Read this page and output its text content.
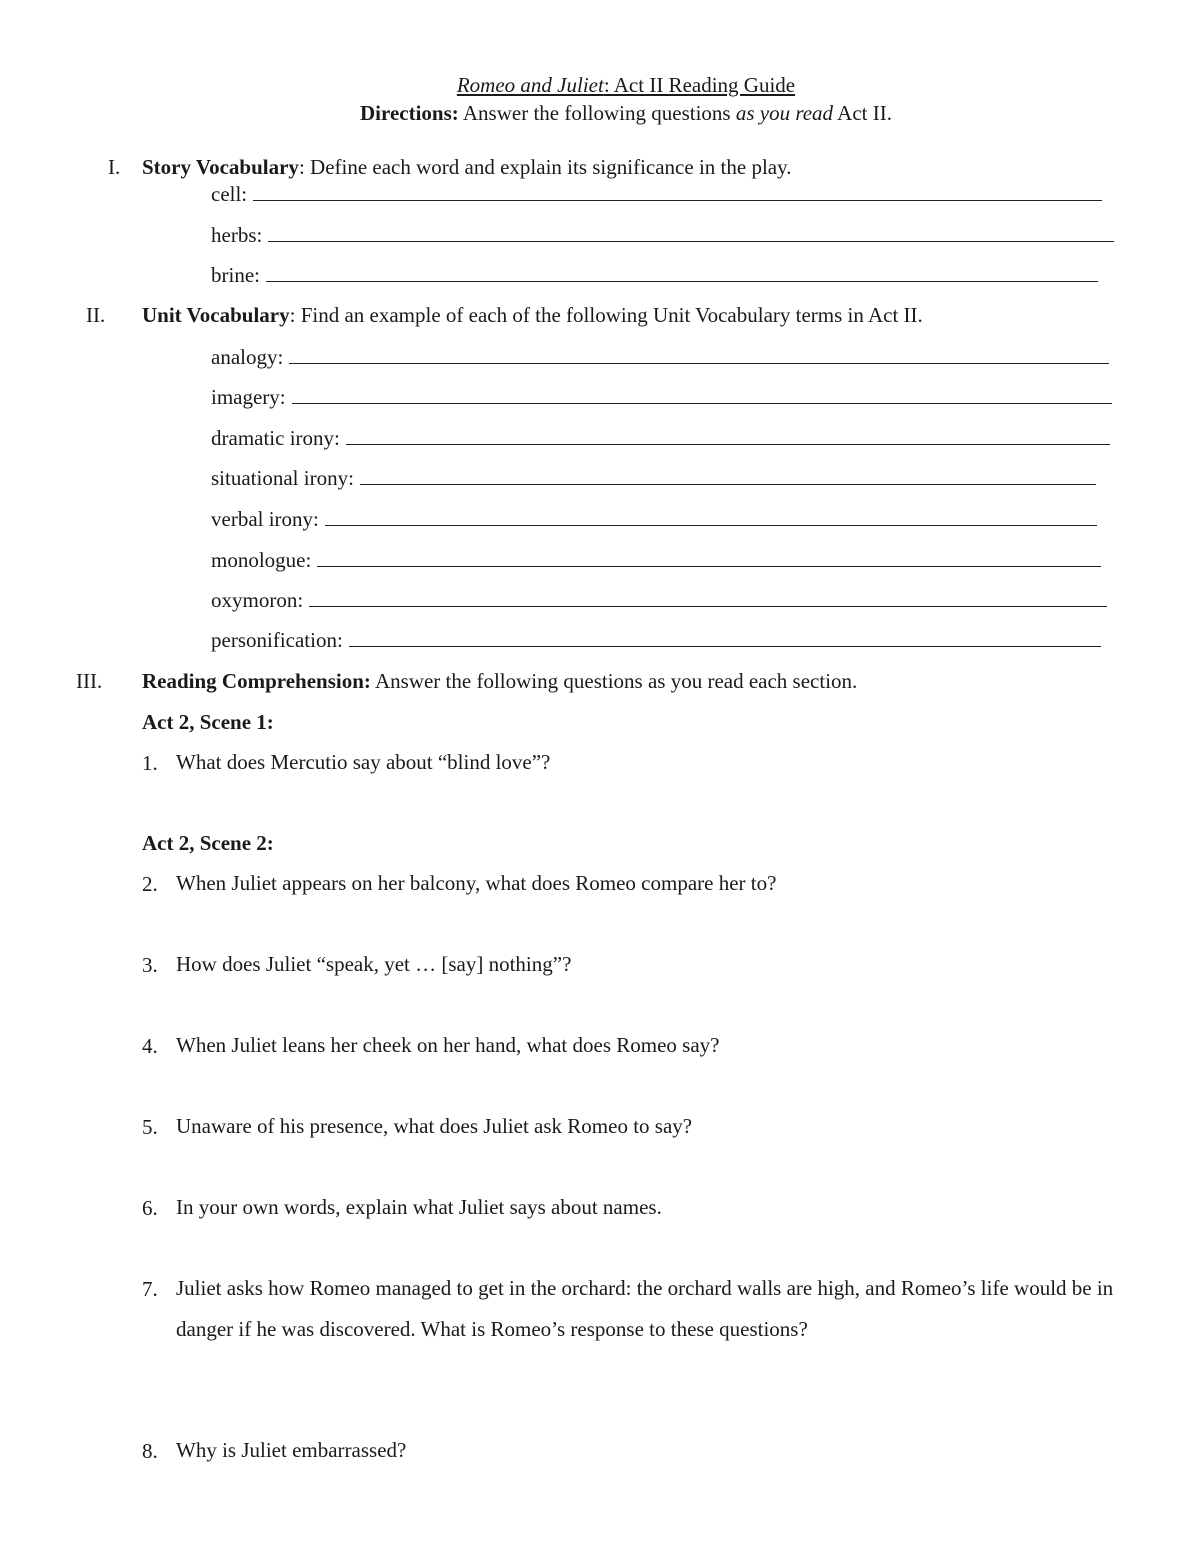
Romeo and Juliet: Act II Reading Guide
Directions: Answer the following questions as you read Act II.
I. Story Vocabulary: Define each word and explain its significance in the play.
cell:
herbs:
brine:
II. Unit Vocabulary: Find an example of each of the following Unit Vocabulary terms in Act II.
analogy:
imagery:
dramatic irony:
situational irony:
verbal irony:
monologue:
oxymoron:
personification:
III. Reading Comprehension: Answer the following questions as you read each section.
Act 2, Scene 1:
1. What does Mercutio say about “blind love”?
Act 2, Scene 2:
2. When Juliet appears on her balcony, what does Romeo compare her to?
3. How does Juliet “speak, yet … [say] nothing”?
4. When Juliet leans her cheek on her hand, what does Romeo say?
5. Unaware of his presence, what does Juliet ask Romeo to say?
6. In your own words, explain what Juliet says about names.
7. Juliet asks how Romeo managed to get in the orchard: the orchard walls are high, and Romeo’s life would be in danger if he was discovered. What is Romeo’s response to these questions?
8. Why is Juliet embarrassed?
